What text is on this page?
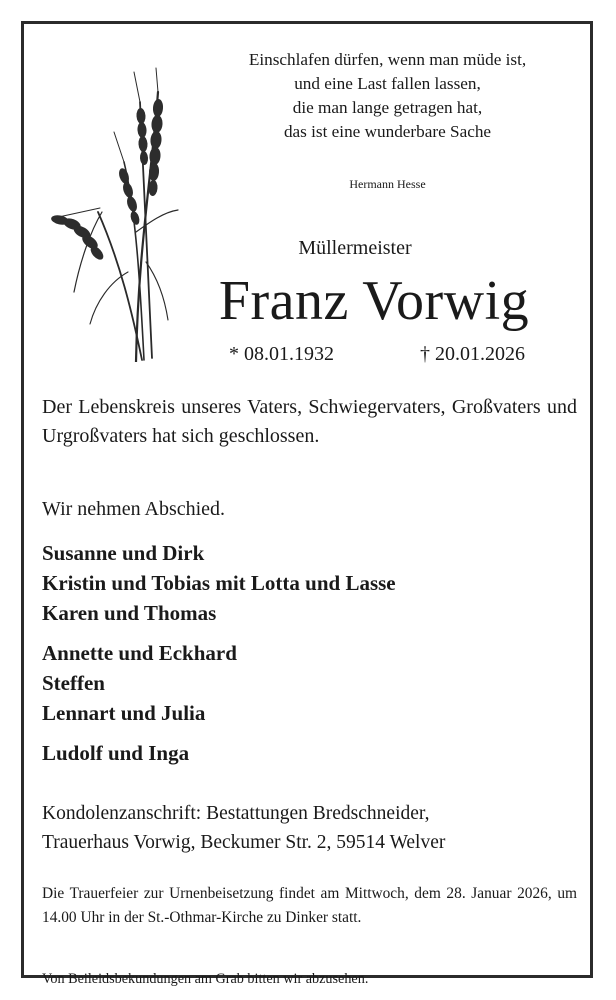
Einschlafen dürfen, wenn man müde ist,
und eine Last fallen lassen,
die man lange getragen hat,
das ist eine wunderbare Sache

Hermann Hesse
Müllermeister
Franz Vorwig
* 08.01.1932	† 20.01.2026
Der Lebenskreis unseres Vaters, Schwiegervaters, Großvaters und Urgroßvaters hat sich geschlossen.
Wir nehmen Abschied.
Susanne und Dirk
Kristin und Tobias mit Lotta und Lasse
Karen und Thomas
Annette und Eckhard
Steffen
Lennart und Julia
Ludolf und Inga
Kondolenzanschrift: Bestattungen Bredschneider,
Trauerhaus Vorwig, Beckumer Str. 2, 59514 Welver
Die Trauerfeier zur Urnenbeisetzung findet am Mittwoch, dem 28. Januar 2026, um 14.00 Uhr in der St.-Othmar-Kirche zu Dinker statt.
Von Beileidsbekundungen am Grab bitten wir abzusehen.
